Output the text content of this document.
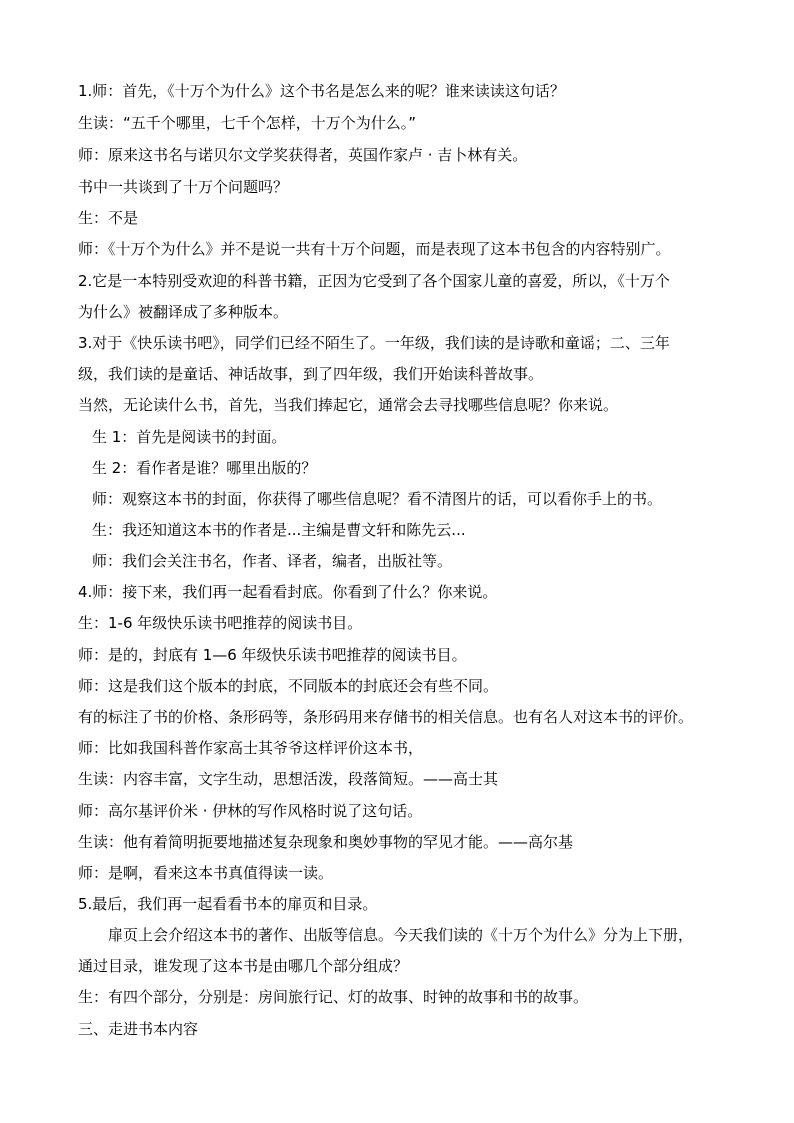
1.师：首先，《十万个为什么》这个书名是怎么来的呢？谁来读读这句话？
生读：“五千个哪里，七千个怎样，十万个为什么。”
师：原来这书名与诺贝尔文学奖获得者，英国作家卢 · 吉卜林有关。
书中一共谈到了十万个问题吗？
生：不是
师：《十万个为什么》并不是说一共有十万个问题，而是表现了这本书包含的内容特别广。
2.它是一本特别受欢迎的科普书籍，正因为它受到了各个国家儿童的喜爱，所以，《十万个
为什么》被翻译成了多种版本。
3.对于《快乐读书吧》，同学们已经不陌生了。一年级，我们读的是诗歌和童谣；二、三年
级，我们读的是童话、神话故事，到了四年级，我们开始读科普故事。
当然，无论读什么书，首先，当我们捧起它，通常会去寻找哪些信息呢？你来说。
生 1：首先是阅读书的封面。
生 2：看作者是谁？哪里出版的？
师：观察这本书的封面，你获得了哪些信息呢？看不清图片的话，可以看你手上的书。
生：我还知道这本书的作者是...主编是曹文轩和陈先云...
师：我们会关注书名，作者、译者，编者，出版社等。
4.师：接下来，我们再一起看看封底。你看到了什么？你来说。
生：1-6 年级快乐读书吧推荐的阅读书目。
师：是的，封底有 1—6 年级快乐读书吧推荐的阅读书目。
师：这是我们这个版本的封底，不同版本的封底还会有些不同。
有的标注了书的价格、条形码等，条形码用来存储书的相关信息。也有名人对这本书的评价。
师：比如我国科普作家高士其爷爷这样评价这本书，
生读：内容丰富，文字生动，思想活泼，段落简短。——高士其
师：高尔基评价米 · 伊林的写作风格时说了这句话。
生读：他有着简明扼要地描述复杂现象和奥妙事物的罕见才能。——高尔基
师：是啊，看来这本书真值得读一读。
5.最后，我们再一起看看书本的扉页和目录。
扉页上会介绍这本书的著作、出版等信息。今天我们读的《十万个为什么》分为上下册，
通过目录，谁发现了这本书是由哪几个部分组成？
生：有四个部分，分别是：房间旅行记、灯的故事、时钟的故事和书的故事。
三、走进书本内容
